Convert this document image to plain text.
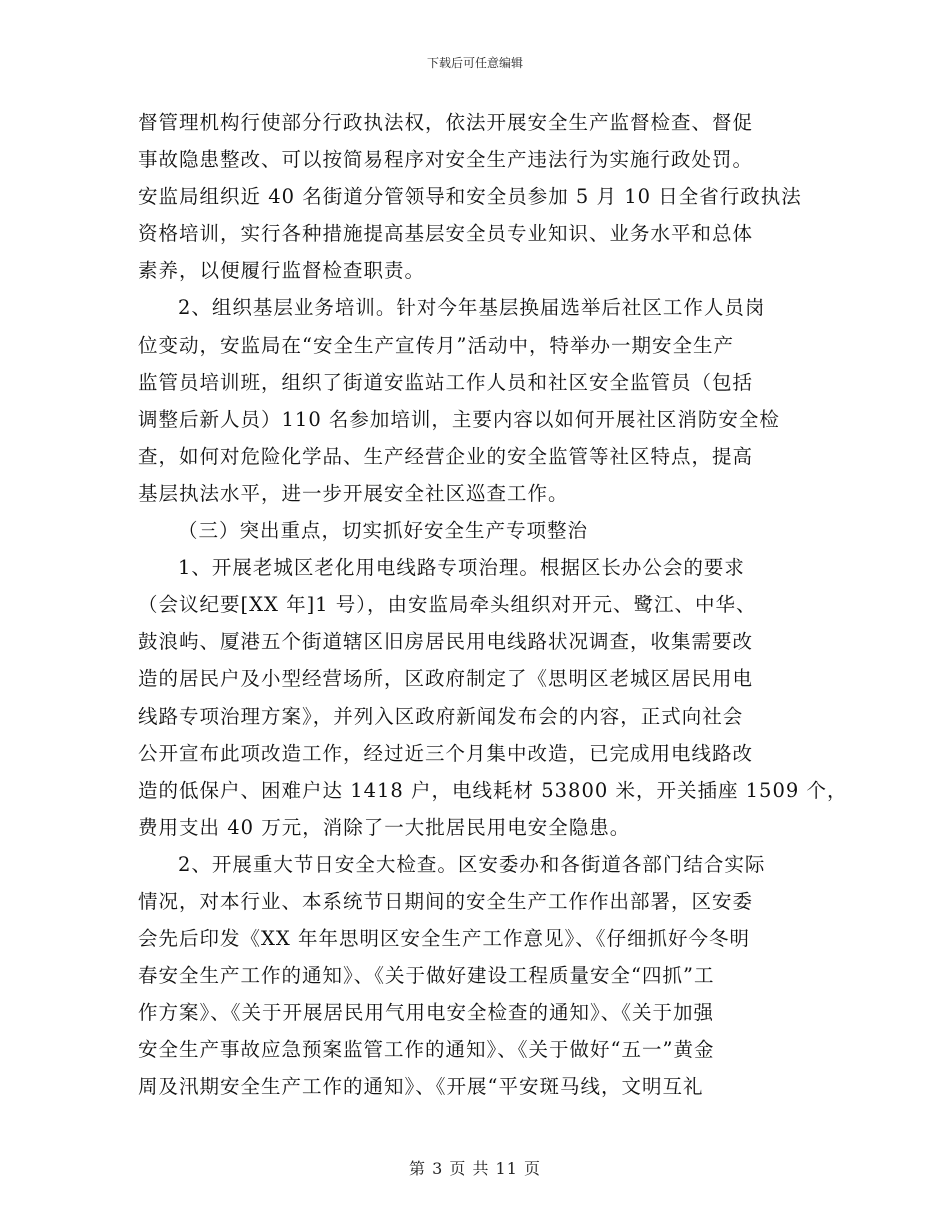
下载后可任意编辑
督管理机构行使部分行政执法权，依法开展安全生产监督检查、督促
事故隐患整改、可以按简易程序对安全生产违法行为实施行政处罚。
安监局组织近 40 名街道分管领导和安全员参加 5 月 10 日全省行政执法
资格培训，实行各种措施提高基层安全员专业知识、业务水平和总体
素养，以便履行监督检查职责。
2、组织基层业务培训。针对今年基层换届选举后社区工作人员岗
位变动，安监局在“安全生产宣传月”活动中，特举办一期安全生产
监管员培训班，组织了街道安监站工作人员和社区安全监管员（包括
调整后新人员）110 名参加培训，主要内容以如何开展社区消防安全检
查，如何对危险化学品、生产经营企业的安全监管等社区特点，提高
基层执法水平，进一步开展安全社区巡查工作。
（三）突出重点，切实抓好安全生产专项整治
1、开展老城区老化用电线路专项治理。根据区长办公会的要求
（会议纪要[XX 年]1 号），由安监局牵头组织对开元、鹭江、中华、
鼓浪屿、厦港五个街道辖区旧房居民用电线路状况调查，收集需要改
造的居民户及小型经营场所，区政府制定了《思明区老城区居民用电
线路专项治理方案》，并列入区政府新闻发布会的内容，正式向社会
公开宣布此项改造工作，经过近三个月集中改造，已完成用电线路改
造的低保户、困难户达 1418 户，电线耗材 53800 米，开关插座 1509 个，
费用支出 40 万元，消除了一大批居民用电安全隐患。
2、开展重大节日安全大检查。区安委办和各街道各部门结合实际
情况，对本行业、本系统节日期间的安全生产工作作出部署，区安委
会先后印发《XX 年年思明区安全生产工作意见》、《仔细抓好今冬明
春安全生产工作的通知》、《关于做好建设工程质量安全“四抓”工
作方案》、《关于开展居民用气用电安全检查的通知》、《关于加强
安全生产事故应急预案监管工作的通知》、《关于做好“五一”黄金
周及汛期安全生产工作的通知》、《开展“平安斑马线，文明互礼
第 3 页 共 11 页
